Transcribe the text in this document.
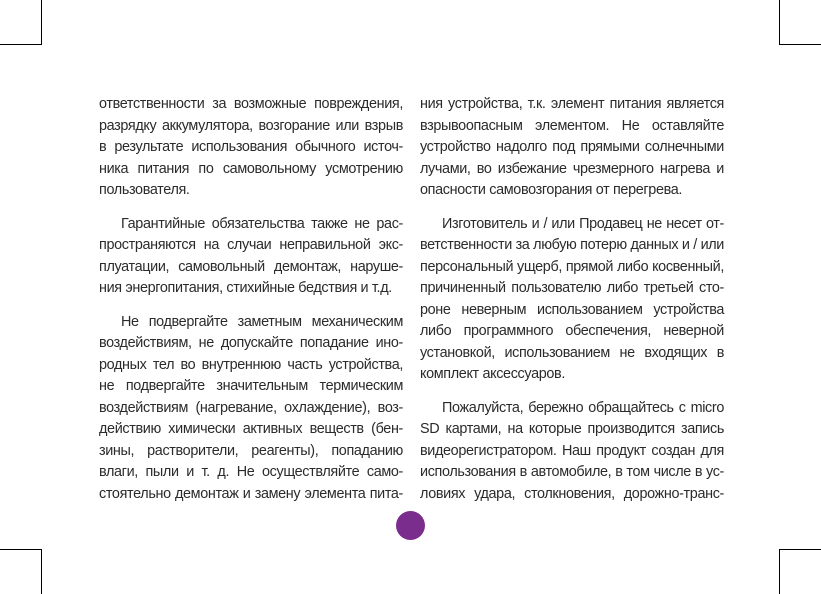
ответственности за возможные повреждения,
разрядку аккумулятора, возгорание или взрыв
в результате использования обычного источ-
ника питания по самовольному усмотрению
пользователя.
Гарантийные обязательства также не рас-
пространяются на случаи неправильной экс-
плуатации, самовольный демонтаж, наруше-
ния энергопитания, стихийные бедствия и т.д.
Не подвергайте заметным механическим
воздействиям, не допускайте попадание ино-
родных тел во внутреннюю часть устройства,
не подвергайте значительным термическим
воздействиям (нагревание, охлаждение), воз-
действию химически активных веществ (бен-
зины, растворители, реагенты), попаданию
влаги, пыли и т. д. Не осуществляйте само-
стоятельно демонтаж и замену элемента пита-
ния устройства, т.к. элемент питания является
взрывоопасным элементом. Не оставляйте
устройство надолго под прямыми солнечными
лучами, во избежание чрезмерного нагрева и
опасности самовозгорания от перегрева.
Изготовитель и / или Продавец не несет от-
ветственности за любую потерю данных и / или
персональный ущерб, прямой либо косвенный,
причиненный пользователю либо третьей сто-
роне неверным использованием устройства
либо программного обеспечения, неверной
установкой, использованием не входящих в
комплект аксессуаров.
Пожалуйста, бережно обращайтесь с micro
SD картами, на которые производится запись
видеорегистратором. Наш продукт создан для
использования в автомобиле, в том числе в ус-
ловиях удара, столкновения, дорожно-транс-
